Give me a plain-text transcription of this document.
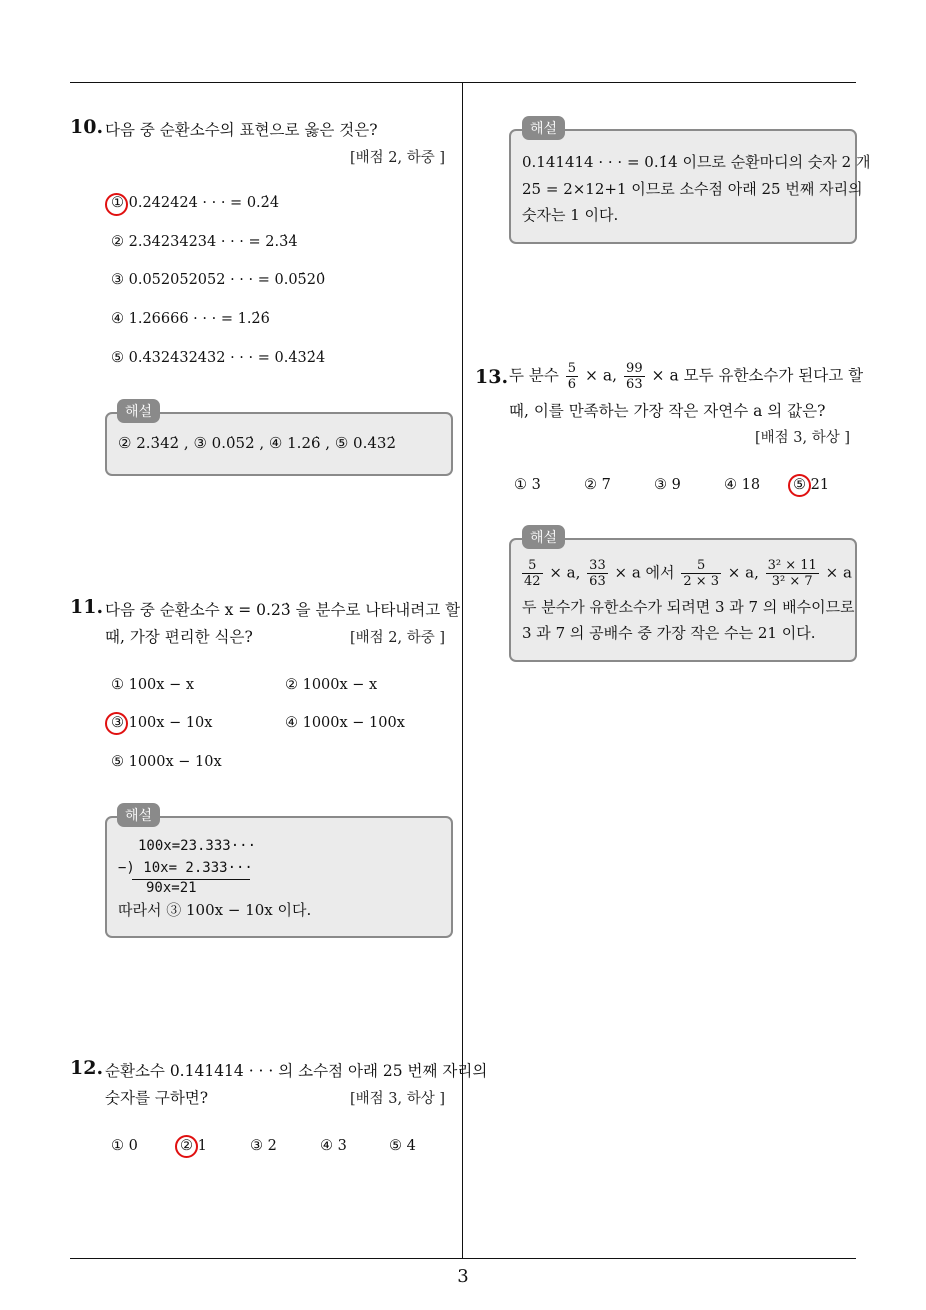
10. 다음 중 순환소수의 표현으로 옳은 것은?
[배점 2, 하중 ]
① 0.242424 · · · = 0.2̇4̇
② 2.34234234 · · · = 2.3̇4̇
③ 0.052052052 · · · = 0.05̇20̇
④ 1.26666 · · · = 1.2̇6̇
⑤ 0.432432432 · · · = 0.4̇32̇4̇
해설
② 2.3̇42̇ , ③ 0.0̇52̇ , ④ 1.26̇ , ⑤ 0.4̇32̇
11. 다음 중 순환소수 x = 0.23̇ 을 분수로 나타내려고 할
때, 가장 편리한 식은?	[배점 2, 하중 ]
① 100x − x	② 1000x − x
③ 100x − 10x	④ 1000x − 100x
⑤ 1000x − 10x
해설
100x=23.333···
−) 10x= 2.333···
90x=21
따라서 ③ 100x − 10x 이다.
12. 순환소수 0.141414 · · · 의 소수점 아래 25 번째 자리의
숫자를 구하면?	[배점 3, 하상 ]
① 0	② 1	③ 2	④ 3	⑤ 4
해설
0.141414 · · · = 0.1̇4̇ 이므로 순환마디의 숫자 2 개
25 = 2×12+1 이므로 소수점 아래 25 번째 자리의
숫자는 1 이다.
13. 두 분수 $\frac{5}{6} \times a$, $\frac{99}{63} \times a$ 모두 유한소수가 된다고 할
때, 이를 만족하는 가장 작은 자연수 a 의 값은?
[배점 3, 하상 ]
① 3	② 7	③ 9	④ 18 ⑤ 21
해설
$\frac{5}{42} \times a$, $\frac{33}{63} \times a$ 에서 $\frac{5}{2 \times 3} \times a$, $\frac{\text{3² × 11}}{\text{3² × 7}} \times a$
두 분수가 유한소수가 되려면 3 과 7 의 배수이므로
3 과 7 의 공배수 중 가장 작은 수는 21 이다.
3
